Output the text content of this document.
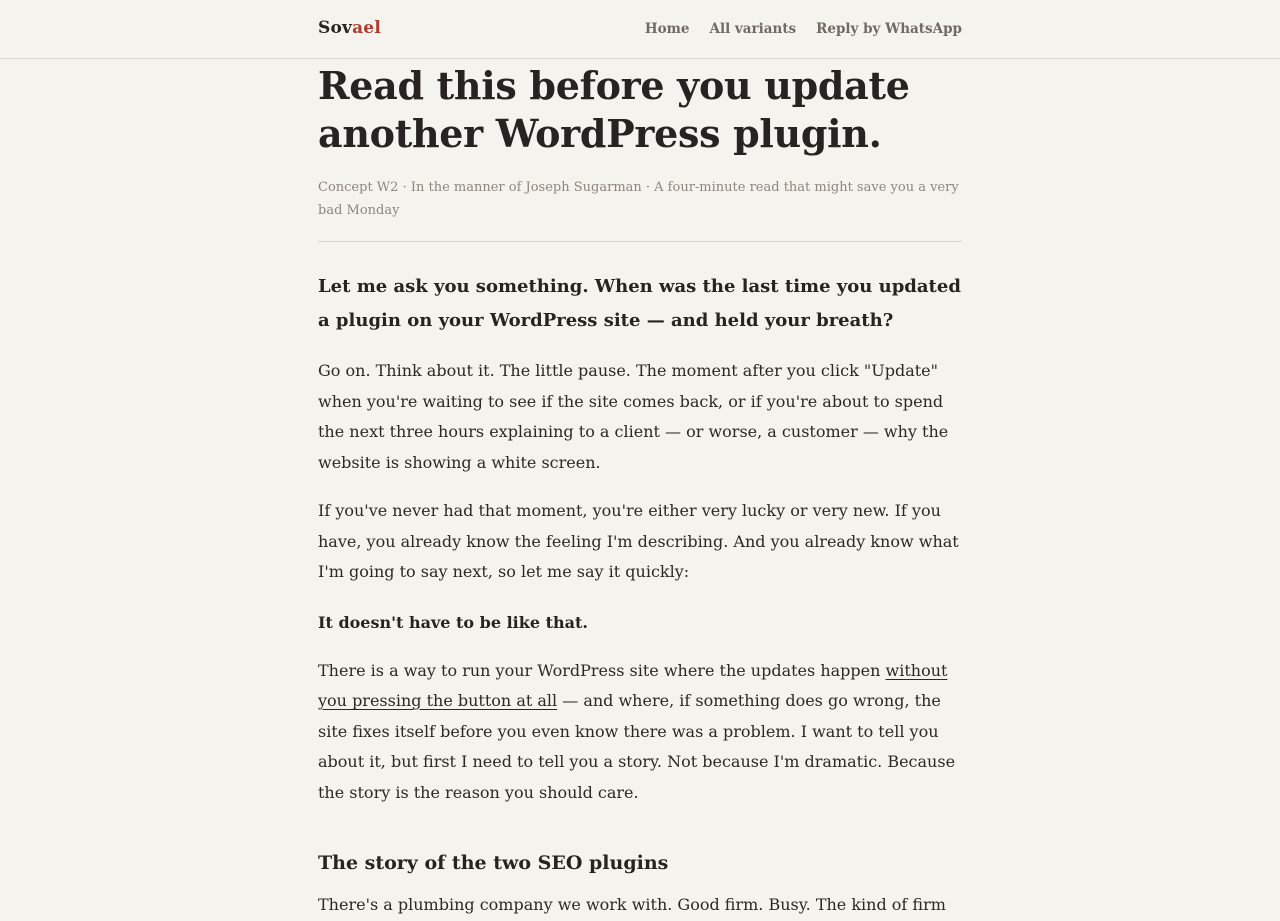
Sovael	Home All variants Reply by WhatsApp
Read this before you update another WordPress plugin.
Concept W2 · In the manner of Joseph Sugarman · A four-minute read that might save you a very bad Monday

Let me ask you something. When was the last time you updated a plugin on your WordPress site — and held your breath?

Go on. Think about it. The little pause. The moment after you click "Update" when you're waiting to see if the site comes back, or if you're about to spend the next three hours explaining to a client — or worse, a customer — why the website is showing a white screen.

If you've never had that moment, you're either very lucky or very new. If you have, you already know the feeling I'm describing. And you already know what I'm going to say next, so let me say it quickly:

It doesn't have to be like that.

There is a way to run your WordPress site where the updates happen without you pressing the button at all — and where, if something does go wrong, the site fixes itself before you even know there was a problem. I want to tell you about it, but first I need to tell you a story. Not because I'm dramatic. Because the story is the reason you should care.

The story of the two SEO plugins

There's a plumbing company we work with. Good firm. Busy. The kind of firm
